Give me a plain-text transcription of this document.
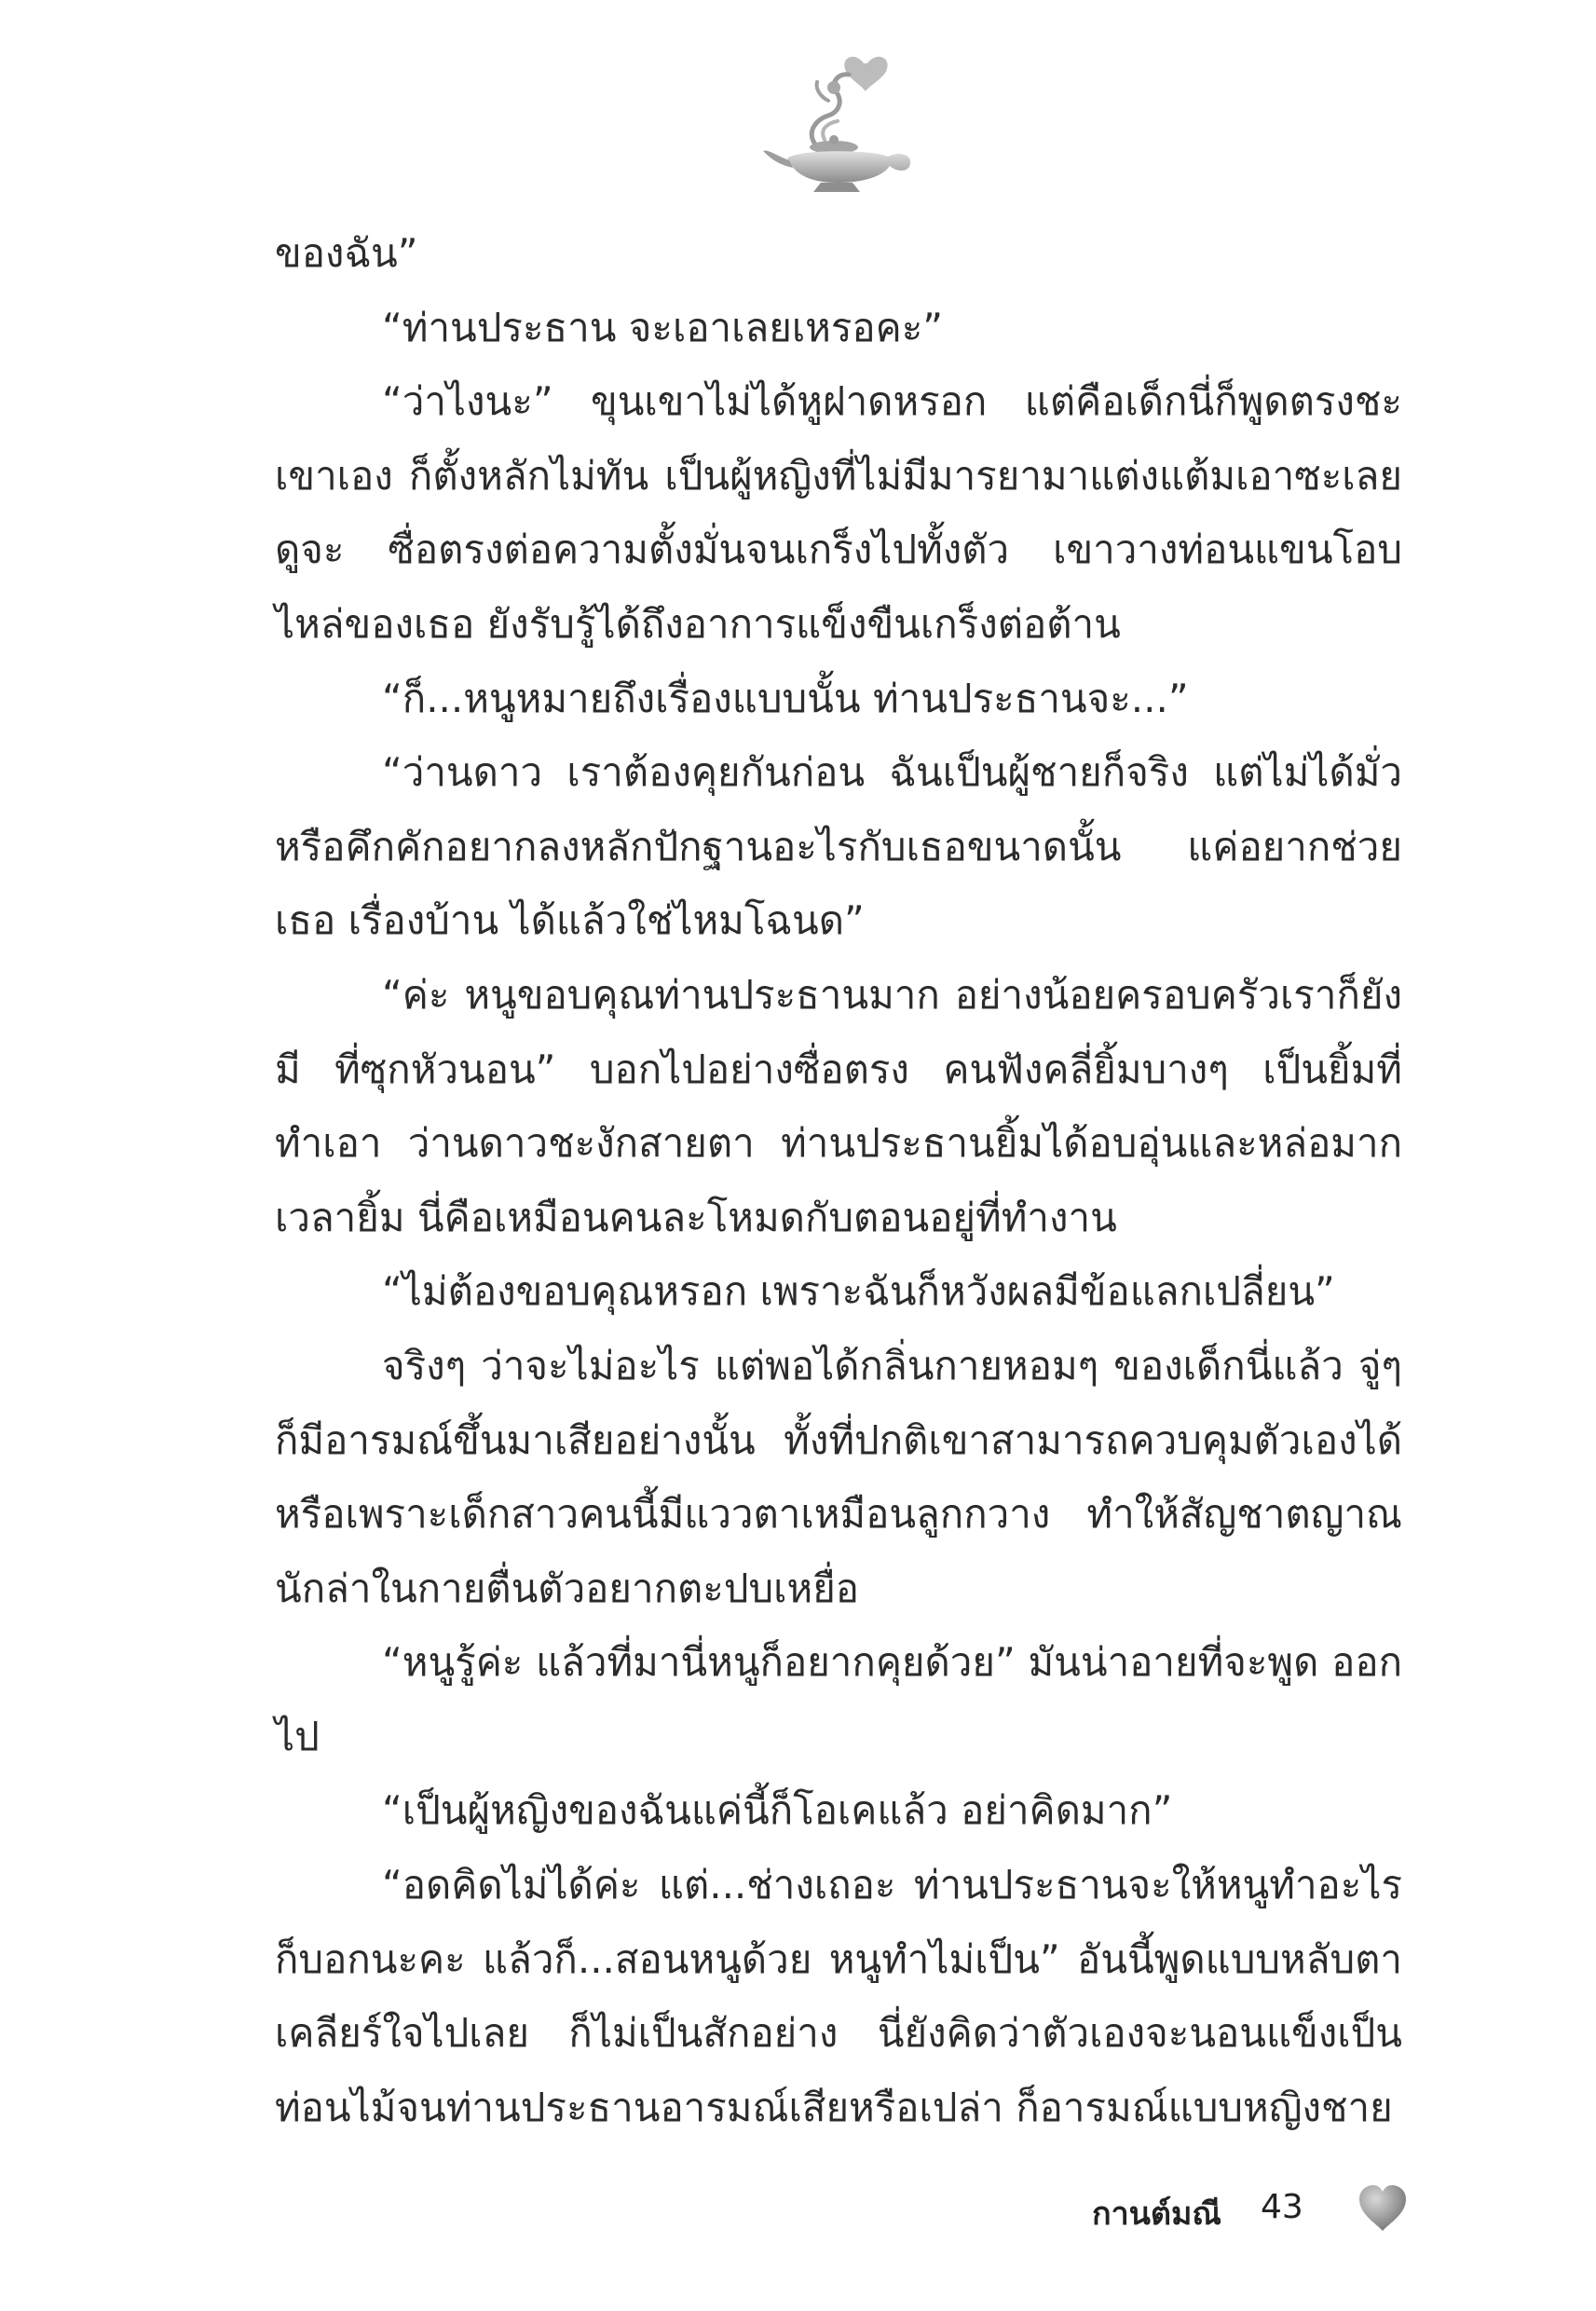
ของฉัน”

“ท่านประธาน จะเอาเลยเหรอคะ”

“ว่าไงนะ” ขุนเขาไม่ได้หูฝาดหรอก แต่คือเด็กนี่ก็พูดตรงชะเขาเอง ก็ตั้งหลักไม่ทัน เป็นผู้หญิงที่ไม่มีมารยามาแต่งแต้มเอาซะเลย ดูจะ ซื่อตรงต่อความตั้งมั่นจนเกร็งไปทั้งตัว เขาวางท่อนแขนโอบไหล่ของเธอ ยังรับรู้ได้ถึงอาการแข็งขืนเกร็งต่อต้าน

“ก็...หนูหมายถึงเรื่องแบบนั้น ท่านประธานจะ...”

“ว่านดาว เราต้องคุยกันก่อน ฉันเป็นผู้ชายก็จริง แต่ไม่ได้มั่ว หรือคึกคักอยากลงหลักปักฐานอะไรกับเธอขนาดนั้น แค่อยากช่วยเธอ เรื่องบ้าน ได้แล้วใช่ไหมโฉนด”

“ค่ะ หนูขอบคุณท่านประธานมาก อย่างน้อยครอบครัวเราก็ยังมี ที่ซุกหัวนอน” บอกไปอย่างซื่อตรง คนฟังคลี่ยิ้มบางๆ เป็นยิ้มที่ทำเอา ว่านดาวชะงักสายตา ท่านประธานยิ้มได้อบอุ่นและหล่อมาก เวลายิ้ม นี่คือเหมือนคนละโหมดกับตอนอยู่ที่ทำงาน

“ไม่ต้องขอบคุณหรอก เพราะฉันก็หวังผลมีข้อแลกเปลี่ยน”

จริงๆ ว่าจะไม่อะไร แต่พอได้กลิ่นกายหอมๆ ของเด็กนี่แล้ว จู่ๆ ก็มีอารมณ์ขึ้นมาเสียอย่างนั้น ทั้งที่ปกติเขาสามารถควบคุมตัวเองได้ หรือเพราะเด็กสาวคนนี้มีแววตาเหมือนลูกกวาง ทำให้สัญชาตญาณ นักล่าในกายตื่นตัวอยากตะปบเหยื่อ

“หนูรู้ค่ะ แล้วที่มานี่หนูก็อยากคุยด้วย” มันน่าอายที่จะพูด ออกไป

“เป็นผู้หญิงของฉันแค่นี้ก็โอเคแล้ว อย่าคิดมาก”

“อดคิดไม่ได้ค่ะ แต่...ช่างเถอะ ท่านประธานจะให้หนูทำอะไร ก็บอกนะคะ แล้วก็...สอนหนูด้วย หนูทำไม่เป็น” อันนี้พูดแบบหลับตา เคลียร์ใจไปเลย ก็ไม่เป็นสักอย่าง นี่ยังคิดว่าตัวเองจะนอนแข็งเป็น ท่อนไม้จนท่านประธานอารมณ์เสียหรือเปล่า ก็อารมณ์แบบหญิงชาย

กานต์มณี 43
